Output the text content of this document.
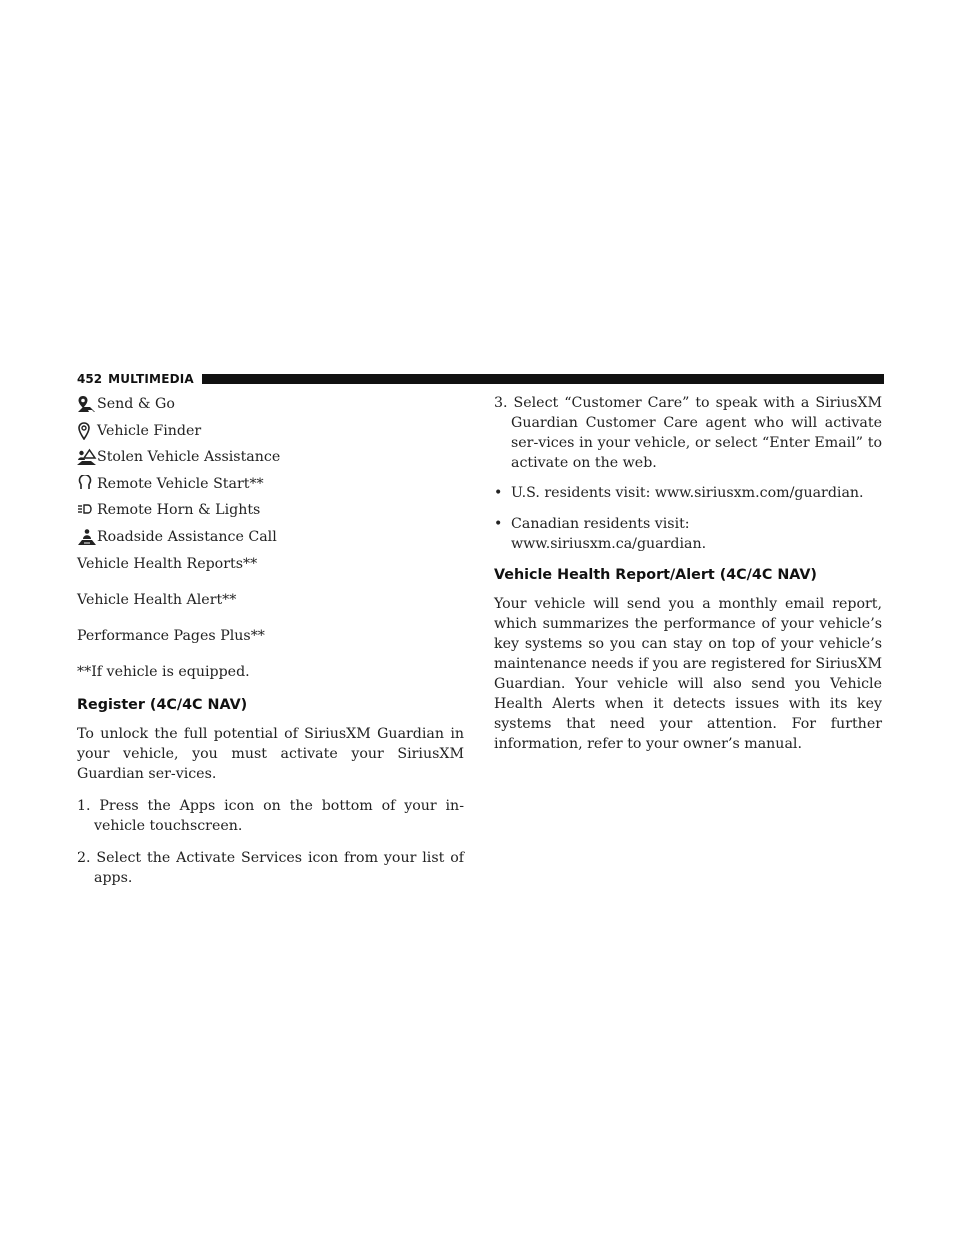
452 MULTIMEDIA
Send & Go
Vehicle Finder
Stolen Vehicle Assistance
Remote Vehicle Start**
Remote Horn & Lights
Roadside Assistance Call

Vehicle Health Reports**

Vehicle Health Alert**

Performance Pages Plus**

**If vehicle is equipped.

Register (4C/4C NAV)

To unlock the full potential of SiriusXM Guardian in your vehicle, you must activate your SiriusXM Guardian ser-vices.

1. Press the Apps icon on the bottom of your in-vehicle touchscreen.

2. Select the Activate Services icon from your list of apps.

3. Select “Customer Care” to speak with a SiriusXM Guardian Customer Care agent who will activate ser-vices in your vehicle, or select “Enter Email” to activate on the web.

• U.S. residents visit: www.siriusxm.com/guardian.
• Canadian residents visit: www.siriusxm.ca/guardian.
Vehicle Health Report/Alert (4C/4C NAV)

Your vehicle will send you a monthly email report, which summarizes the performance of your vehicle’s key systems so you can stay on top of your vehicle’s maintenance needs if you are registered for SiriusXM Guardian. Your vehicle will also send you Vehicle Health Alerts when it detects issues with its key systems that need your attention. For further information, refer to your owner’s manual.
